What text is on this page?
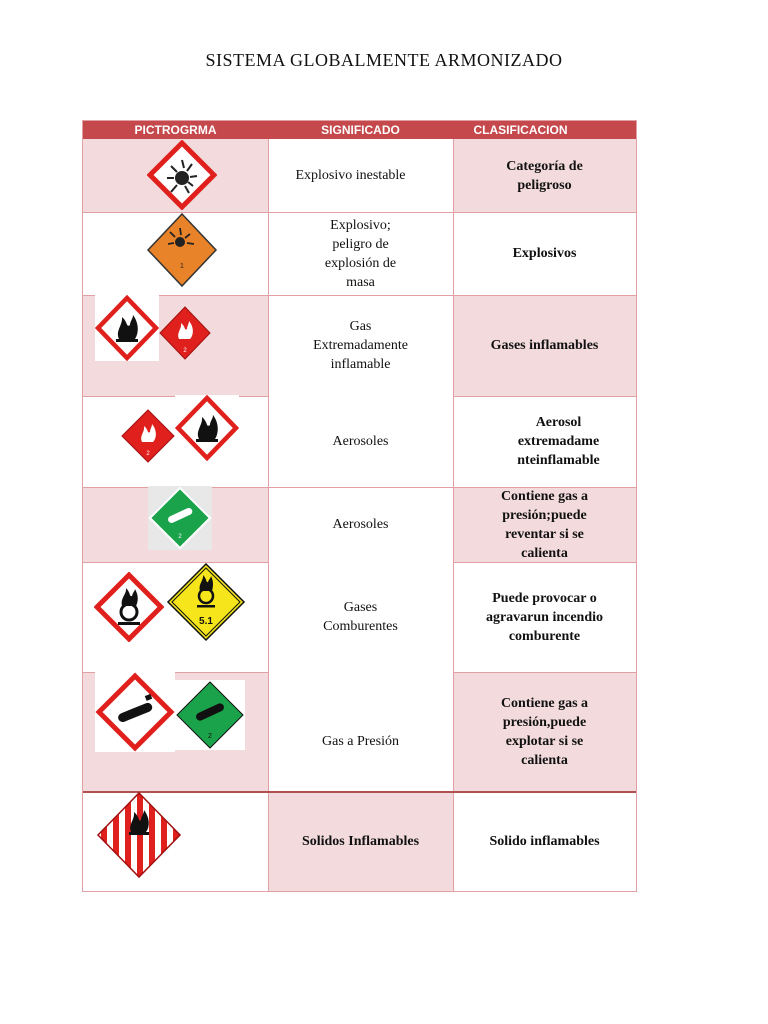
SISTEMA GLOBALMENTE ARMONIZADO
PICTROGRMA	SIGNIFICADO	CLASIFICACION
Explosivo inestable
Explosivo; peligro de explosión de masa
Gas Extremadamente inflamable
Aerosoles
Aerosoles
Gases Comburentes
Gas a Presión
Solidos Inflamables
Categoría de peligroso
Explosivos
Gases inflamables
Aerosol extremadame nteinflamable
Contiene gas a presión;puede reventar si se calienta
Puede provocar o agravarun incendio comburente
Contiene gas a presión,puede explotar si se calienta
Solido inflamables
1
2
2
2
5.1
2
